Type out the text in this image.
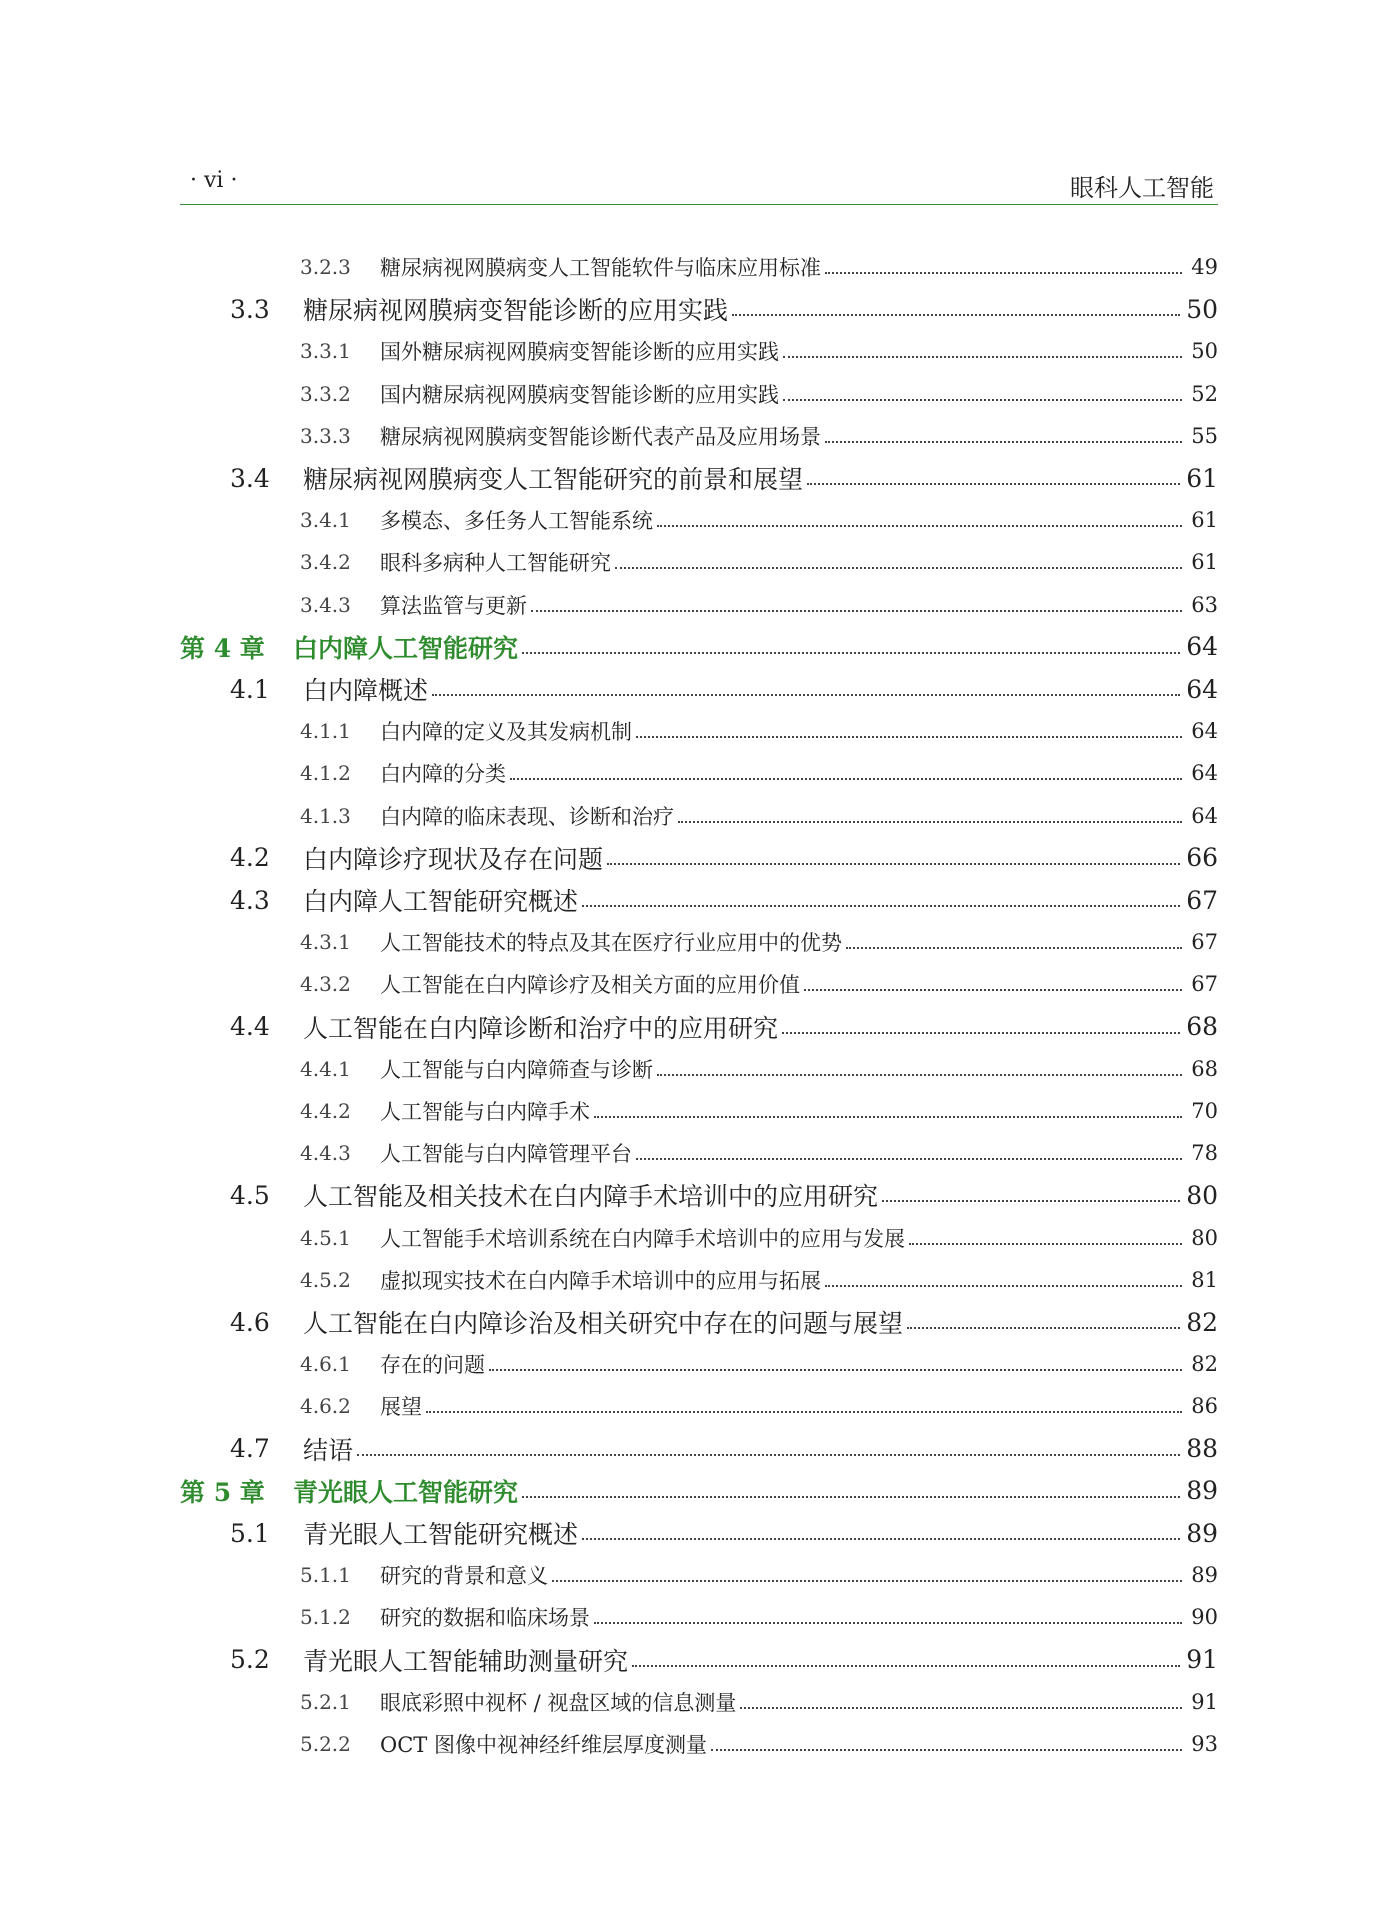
· vi ·	眼科人工智能
3.2.3 糖尿病视网膜病变人工智能软件与临床应用标准	49
3.3 糖尿病视网膜病变智能诊断的应用实践	50
3.3.1 国外糖尿病视网膜病变智能诊断的应用实践	50
3.3.2 国内糖尿病视网膜病变智能诊断的应用实践	52
3.3.3 糖尿病视网膜病变智能诊断代表产品及应用场景	55
3.4 糖尿病视网膜病变人工智能研究的前景和展望	61
3.4.1 多模态、多任务人工智能系统	61
3.4.2 眼科多病种人工智能研究	61
3.4.3 算法监管与更新	63
第 4 章 白内障人工智能研究	64
4.1 白内障概述	64
4.1.1 白内障的定义及其发病机制	64
4.1.2 白内障的分类	64
4.1.3 白内障的临床表现、诊断和治疗	64
4.2 白内障诊疗现状及存在问题	66
4.3 白内障人工智能研究概述	67
4.3.1 人工智能技术的特点及其在医疗行业应用中的优势	67
4.3.2 人工智能在白内障诊疗及相关方面的应用价值	67
4.4 人工智能在白内障诊断和治疗中的应用研究	68
4.4.1 人工智能与白内障筛查与诊断	68
4.4.2 人工智能与白内障手术	70
4.4.3 人工智能与白内障管理平台	78
4.5 人工智能及相关技术在白内障手术培训中的应用研究	80
4.5.1 人工智能手术培训系统在白内障手术培训中的应用与发展	80
4.5.2 虚拟现实技术在白内障手术培训中的应用与拓展	81
4.6 人工智能在白内障诊治及相关研究中存在的问题与展望	82
4.6.1 存在的问题	82
4.6.2 展望	86
4.7 结语	88
第 5 章 青光眼人工智能研究	89
5.1 青光眼人工智能研究概述	89
5.1.1 研究的背景和意义	89
5.1.2 研究的数据和临床场景	90
5.2 青光眼人工智能辅助测量研究	91
5.2.1 眼底彩照中视杯 / 视盘区域的信息测量	91
5.2.2 OCT 图像中视神经纤维层厚度测量	93
